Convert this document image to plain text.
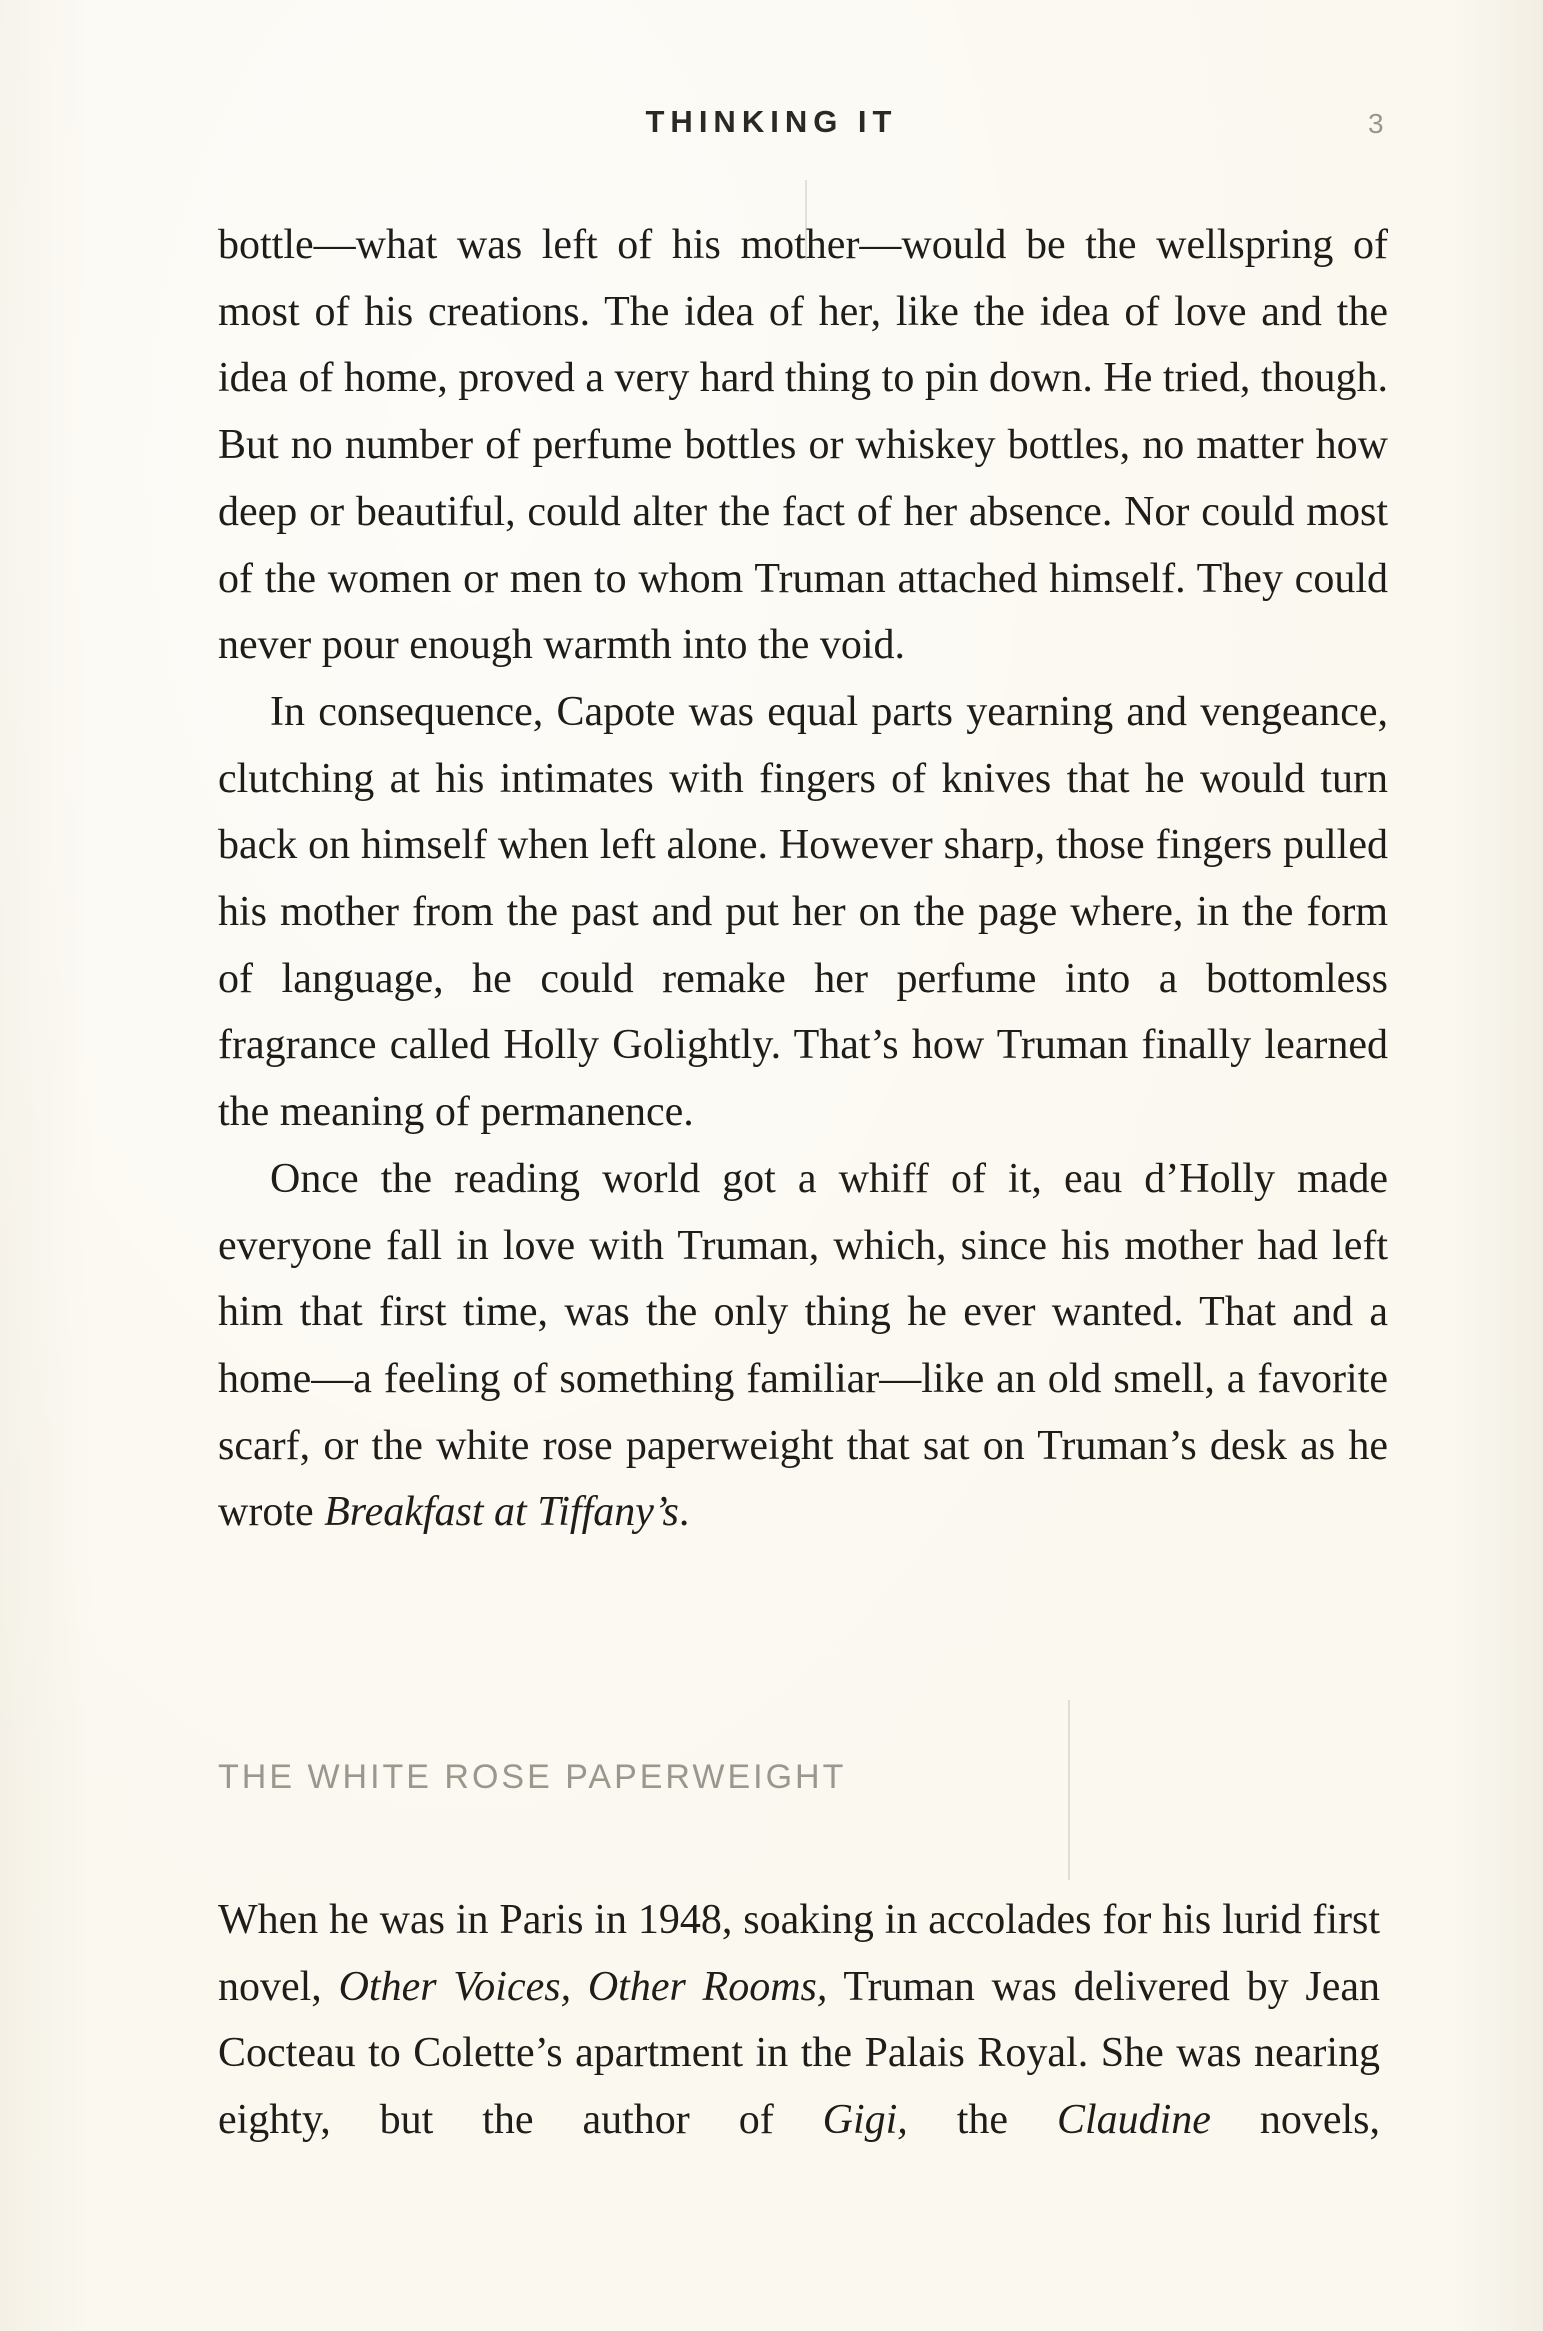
THINKING IT	3

bottle—what was left of his mother—would be the wellspring of most of his creations. The idea of her, like the idea of love and the idea of home, proved a very hard thing to pin down. He tried, though. But no number of perfume bottles or whiskey bottles, no matter how deep or beautiful, could alter the fact of her absence. Nor could most of the women or men to whom Truman attached himself. They could never pour enough warmth into the void.

In consequence, Capote was equal parts yearning and vengeance, clutching at his intimates with fingers of knives that he would turn back on himself when left alone. However sharp, those fingers pulled his mother from the past and put her on the page where, in the form of language, he could remake her perfume into a bottomless fragrance called Holly Golightly. That’s how Truman finally learned the meaning of permanence.

Once the reading world got a whiff of it, eau d’Holly made everyone fall in love with Truman, which, since his mother had left him that first time, was the only thing he ever wanted. That and a home—a feeling of something familiar—like an old smell, a favorite scarf, or the white rose paperweight that sat on Truman’s desk as he wrote Breakfast at Tiffany’s.

THE WHITE ROSE PAPERWEIGHT

When he was in Paris in 1948, soaking in accolades for his lurid first novel, Other Voices, Other Rooms, Truman was delivered by Jean Cocteau to Colette’s apartment in the Palais Royal. She was nearing eighty, but the author of Gigi, the Claudine novels,
